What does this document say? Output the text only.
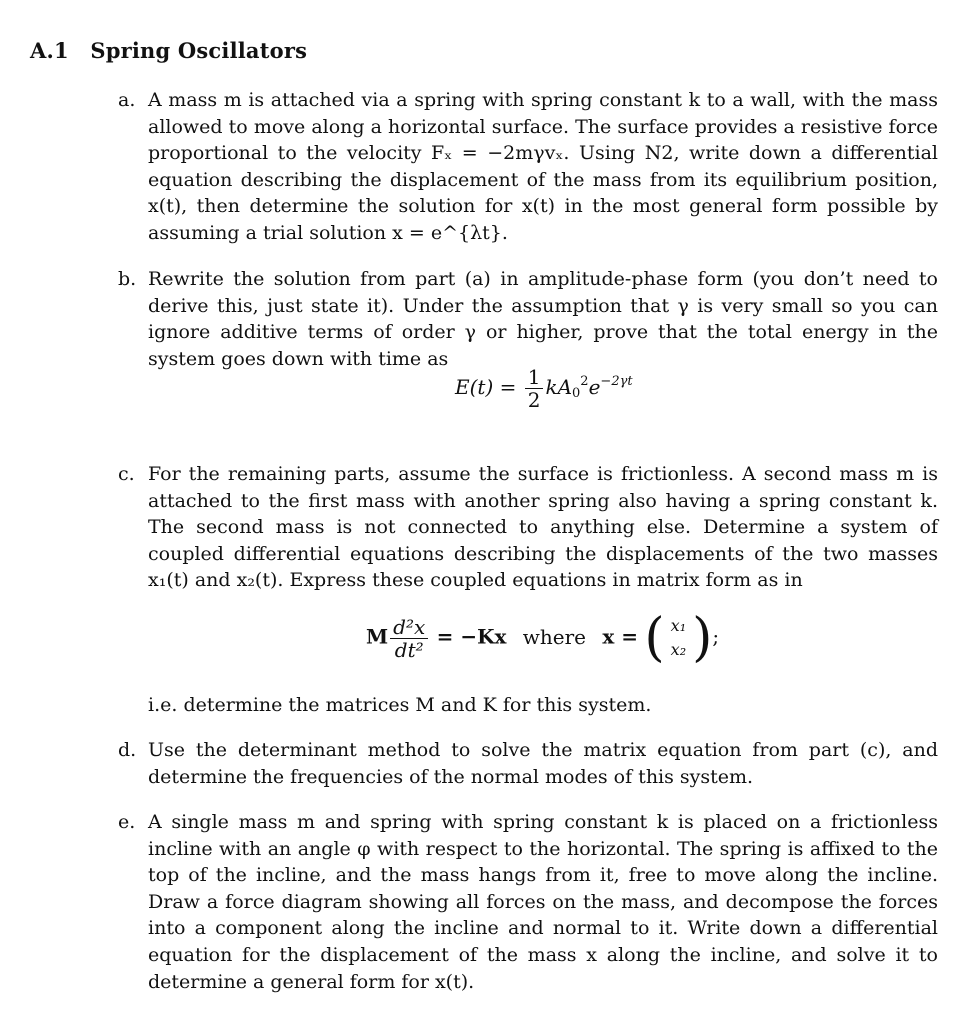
A.1 Spring Oscillators
a. A mass m is attached via a spring with spring constant k to a wall, with the mass allowed to move along a horizontal surface. The surface provides a resistive force proportional to the velocity Fₓ = −2mγvₓ. Using N2, write down a differential equation describing the displacement of the mass from its equilibrium position, x(t), then determine the solution for x(t) in the most general form possible by assuming a trial solution x = e^{λt}.
b. Rewrite the solution from part (a) in amplitude-phase form (you don’t need to derive this, just state it). Under the assumption that γ is very small so you can ignore additive terms of order γ or higher, prove that the total energy in the system goes down with time as
$E(t) = \frac{1}{2} kA_0^2e^{-2\gamma t}$
c. For the remaining parts, assume the surface is frictionless. A second mass m is attached to the first mass with another spring also having a spring constant k. The second mass is not connected to anything else. Determine a system of coupled differential equations describing the displacements of the two masses x₁(t) and x₂(t). Express these coupled equations in matrix form as in
M $\frac{\text{d²x}}{\text{dt²}} = -Kx$ where x = ( x₁
x₂ );
i.e. determine the matrices M and K for this system.
d. Use the determinant method to solve the matrix equation from part (c), and determine the frequencies of the normal modes of this system.
e. A single mass m and spring with spring constant k is placed on a frictionless incline with an angle φ with respect to the horizontal. The spring is affixed to the top of the incline, and the mass hangs from it, free to move along the incline. Draw a force diagram showing all forces on the mass, and decompose the forces into a component along the incline and normal to it. Write down a differential equation for the displacement of the mass x along the incline, and solve it to determine a general form for x(t).
